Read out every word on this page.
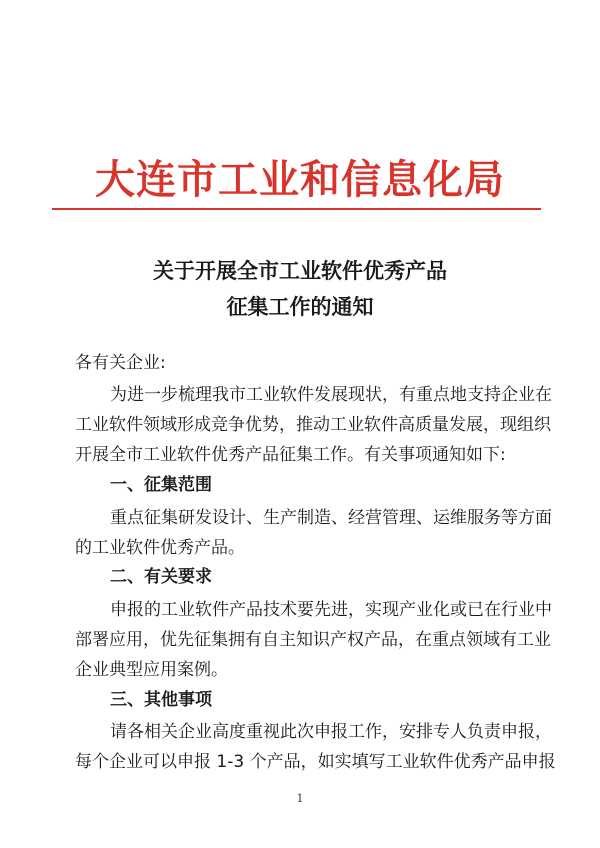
大连市工业和信息化局
关于开展全市工业软件优秀产品
征集工作的通知
各有关企业:
为进一步梳理我市工业软件发展现状，有重点地支持企业在
工业软件领域形成竞争优势，推动工业软件高质量发展，现组织
开展全市工业软件优秀产品征集工作。有关事项通知如下:
一、征集范围
重点征集研发设计、生产制造、经营管理、运维服务等方面
的工业软件优秀产品。
二、有关要求
申报的工业软件产品技术要先进，实现产业化或已在行业中
部署应用，优先征集拥有自主知识产权产品，在重点领域有工业
企业典型应用案例。
三、其他事项
请各相关企业高度重视此次申报工作，安排专人负责申报，
每个企业可以申报 1-3 个产品，如实填写工业软件优秀产品申报
1
